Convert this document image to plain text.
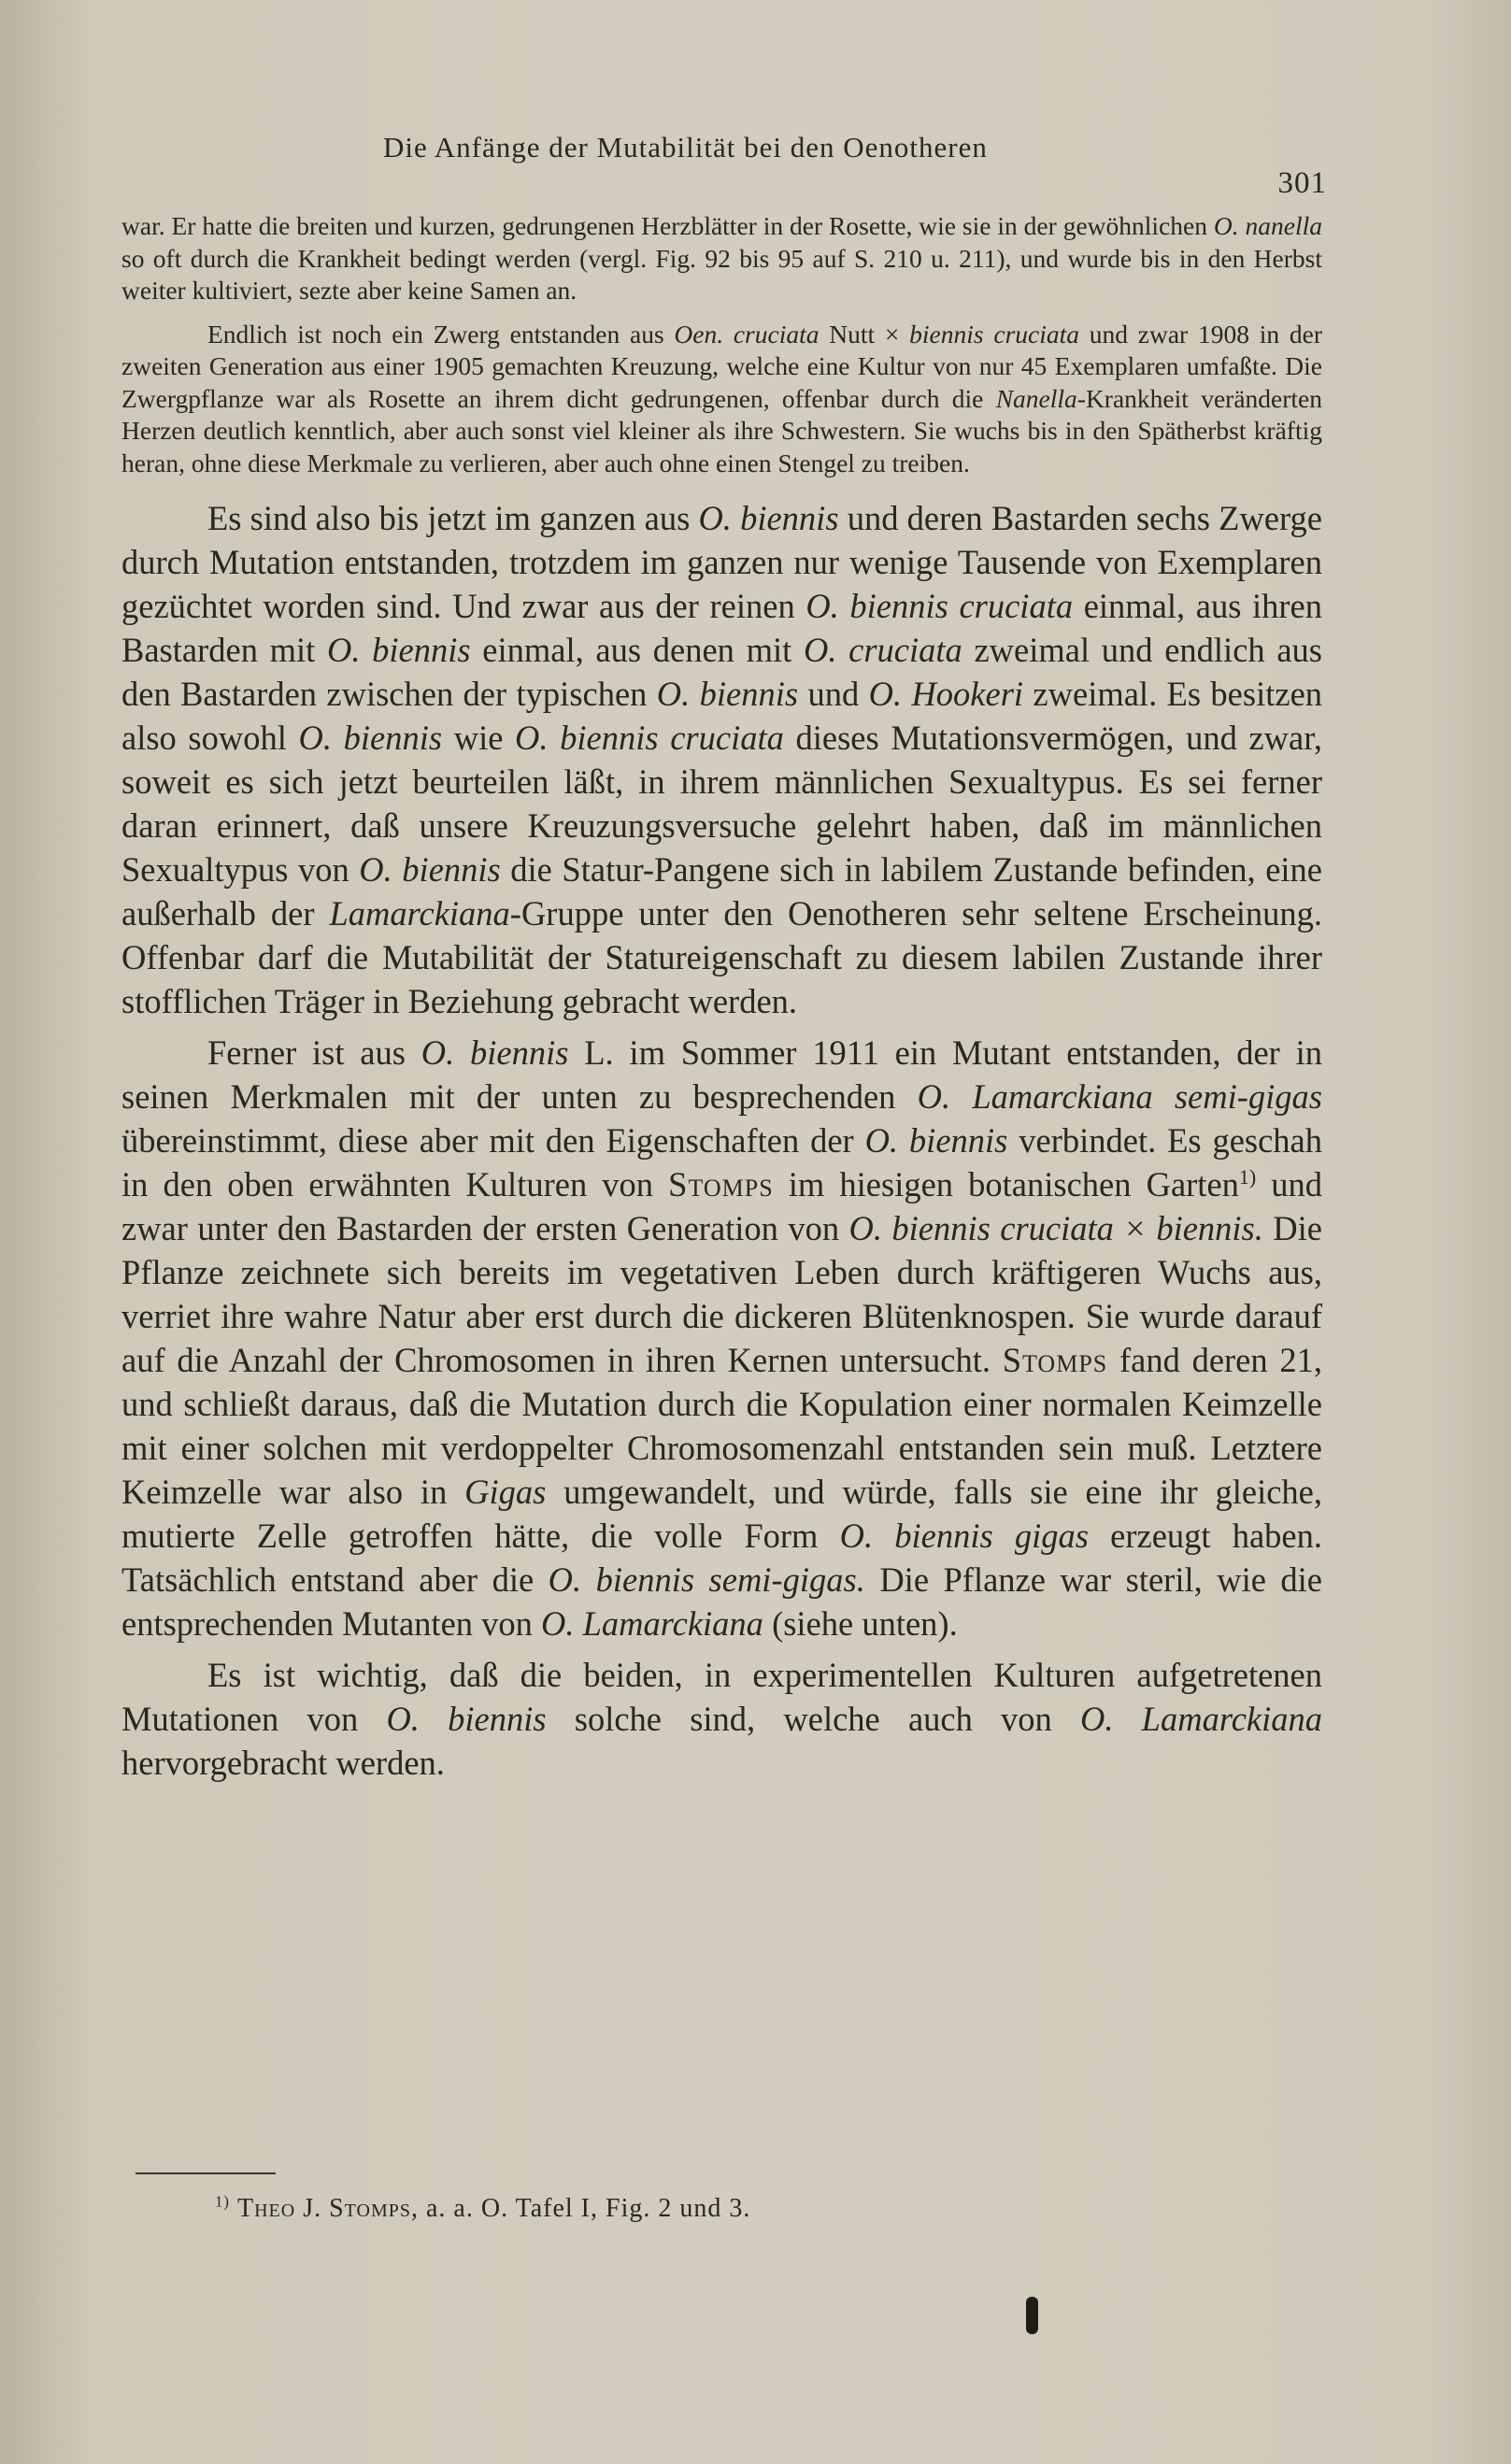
Die Anfänge der Mutabilität bei den Oenotheren
301

war. Er hatte die breiten und kurzen, gedrungenen Herzblätter in der Rosette, wie sie in der gewöhnlichen O. nanella so oft durch die Krankheit bedingt werden (vergl. Fig. 92 bis 95 auf S. 210 u. 211), und wurde bis in den Herbst weiter kultiviert, sezte aber keine Samen an.

Endlich ist noch ein Zwerg entstanden aus Oen. cruciata Nutt × biennis cruciata und zwar 1908 in der zweiten Generation aus einer 1905 gemachten Kreuzung, welche eine Kultur von nur 45 Exemplaren umfaßte. Die Zwergpflanze war als Rosette an ihrem dicht gedrungenen, offenbar durch die Nanella-Krankheit veränderten Herzen deutlich kenntlich, aber auch sonst viel kleiner als ihre Schwestern. Sie wuchs bis in den Spätherbst kräftig heran, ohne diese Merkmale zu verlieren, aber auch ohne einen Stengel zu treiben.

Es sind also bis jetzt im ganzen aus O. biennis und deren Bastarden sechs Zwerge durch Mutation entstanden, trotzdem im ganzen nur wenige Tausende von Exemplaren gezüchtet worden sind. Und zwar aus der reinen O. biennis cruciata einmal, aus ihren Bastarden mit O. biennis einmal, aus denen mit O. cruciata zweimal und endlich aus den Bastarden zwischen der typischen O. biennis und O. Hookeri zweimal. Es besitzen also sowohl O. biennis wie O. biennis cruciata dieses Mutationsvermögen, und zwar, soweit es sich jetzt beurteilen läßt, in ihrem männlichen Sexualtypus. Es sei ferner daran erinnert, daß unsere Kreuzungsversuche gelehrt haben, daß im männlichen Sexualtypus von O. biennis die Statur-Pangene sich in labilem Zustande befinden, eine außerhalb der Lamarckiana-Gruppe unter den Oenotheren sehr seltene Erscheinung. Offenbar darf die Mutabilität der Statureigenschaft zu diesem labilen Zustande ihrer stofflichen Träger in Beziehung gebracht werden.

Ferner ist aus O. biennis L. im Sommer 1911 ein Mutant entstanden, der in seinen Merkmalen mit der unten zu besprechenden O. Lamarckiana semi-gigas übereinstimmt, diese aber mit den Eigenschaften der O. biennis verbindet. Es geschah in den oben erwähnten Kulturen von Stomps im hiesigen botanischen Garten$^{1)}$ und zwar unter den Bastarden der ersten Generation von O. biennis cruciata × biennis. Die Pflanze zeichnete sich bereits im vegetativen Leben durch kräftigeren Wuchs aus, verriet ihre wahre Natur aber erst durch die dickeren Blütenknospen. Sie wurde darauf auf die Anzahl der Chromosomen in ihren Kernen untersucht. Stomps fand deren 21, und schließt daraus, daß die Mutation durch die Kopulation einer normalen Keimzelle mit einer solchen mit verdoppelter Chromosomenzahl entstanden sein muß. Letztere Keimzelle war also in Gigas umgewandelt, und würde, falls sie eine ihr gleiche, mutierte Zelle getroffen hätte, die volle Form O. biennis gigas erzeugt haben. Tatsächlich entstand aber die O. biennis semi-gigas. Die Pflanze war steril, wie die entsprechenden Mutanten von O. Lamarckiana (siehe unten).

Es ist wichtig, daß die beiden, in experimentellen Kulturen aufgetretenen Mutationen von O. biennis solche sind, welche auch von O. Lamarckiana hervorgebracht werden.

$^{1)}$ Theo J. Stomps, a. a. O. Tafel I, Fig. 2 und 3.
